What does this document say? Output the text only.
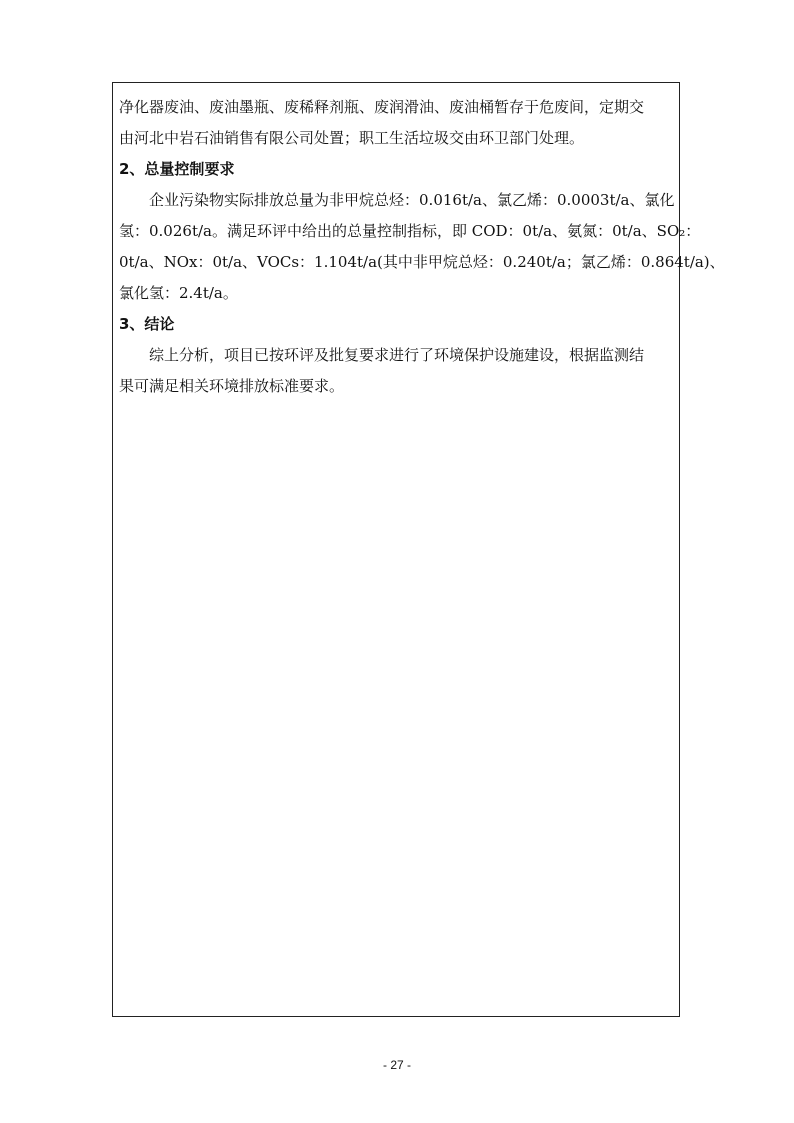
净化器废油、废油墨瓶、废稀释剂瓶、废润滑油、废油桶暂存于危废间，定期交
由河北中岩石油销售有限公司处置；职工生活垃圾交由环卫部门处理。
2、总量控制要求
企业污染物实际排放总量为非甲烷总烃：0.016t/a、氯乙烯：0.0003t/a、氯化
氢：0.026t/a。满足环评中给出的总量控制指标，即 COD：0t/a、氨氮：0t/a、SO₂：
0t/a、NOx：0t/a、VOCs：1.104t/a(其中非甲烷总烃：0.240t/a；氯乙烯：0.864t/a)、
氯化氢：2.4t/a。
3、结论
综上分析，项目已按环评及批复要求进行了环境保护设施建设，根据监测结
果可满足相关环境排放标准要求。
- 27 -
